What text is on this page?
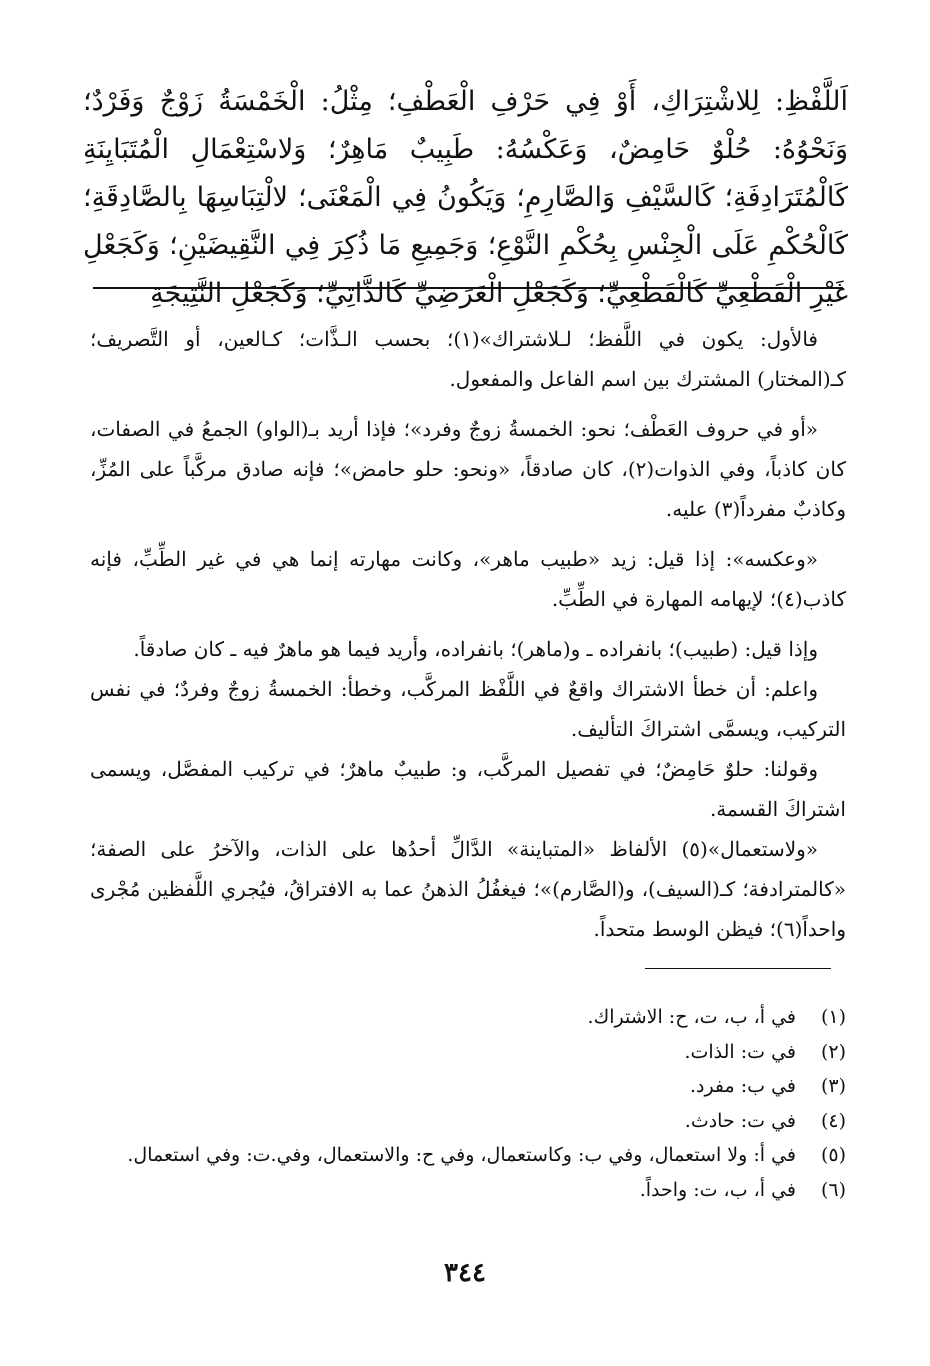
اَللَّفْظِ: لِلاشْتِرَاكِ، أَوْ فِي حَرْفِ الْعَطْفِ؛ مِثْلُ: الْخَمْسَةُ زَوْجٌ وَفَرْدٌ؛ وَنَحْوُهُ: حُلْوٌ حَامِضٌ، وَعَكْسُهُ: طَبِيبٌ مَاهِرٌ؛ وَلاسْتِعْمَالِ الْمُتَبَايِنَةِ كَالْمُتَرَادِفَةِ؛ كَالسَّيْفِ وَالصَّارِمِ؛ وَيَكُونُ فِي الْمَعْنَى؛ لالْتِبَاسِهَا بِالصَّادِقَةِ؛ كَالْحُكْمِ عَلَى الْجِنْسِ بِحُكْمِ النَّوْعِ؛ وَجَمِيعِ مَا ذُكِرَ فِي النَّقِيضَيْنِ؛ وَكَجَعْلِ غَيْرِ الْقَطْعِيِّ كَالْقَطْعِيِّ؛ وَكَجَعْلِ الْعَرَضِيِّ كَالذَّاتِيِّ؛ وَكَجَعْلِ النَّتِيجَةِ

فالأول: يكون في اللَّفظ؛ لـلاشتراك»(١)؛ بحسب الـذَّات؛ كـالعين، أو التَّصريف؛ كـ(المختار) المشترك بين اسم الفاعل والمفعول.

«أو في حروف العَطْف؛ نحو: الخمسةُ زوجٌ وفرد»؛ فإذا أريد بـ(الواو) الجمعُ في الصفات، كان كاذباً، وفي الذوات(٢)، كان صادقاً، «ونحو: حلو حامض»؛ فإنه صادق مركَّباً على المُزِّ، وكاذبٌ مفرداً(٣) عليه.

«وعكسه»: إذا قيل: زيد «طبيب ماهر»، وكانت مهارته إنما هي في غير الطِّبِّ، فإنه كاذب(٤)؛ لإيهامه المهارة في الطِّبِّ.

وإذا قيل: (طبيب)؛ بانفراده ـ و(ماهر)؛ بانفراده، وأريد فيما هو ماهرٌ فيه ـ كان صادقاً.

واعلم: أن خطأ الاشتراك واقعٌ في اللَّفْظ المركَّب، وخطأ: الخمسةُ زوجٌ وفردٌ؛ في نفس التركيب، ويسمَّى اشتراكَ التأليف.

وقولنا: حلوٌ حَامِضٌ؛ في تفصيل المركَّب، و: طبيبٌ ماهرٌ؛ في تركيب المفصَّل، ويسمى اشتراكَ القسمة.

«ولاستعمال»(٥) الألفاظ «المتباينة» الدَّالِّ أحدُها على الذات، والآخرُ على الصفة؛ «كالمترادفة؛ كـ(السيف)، و(الصَّارم)»؛ فيغفُلُ الذهنُ عما به الافتراقُ، فيُجري اللَّفظين مُجْرى واحداً(٦)؛ فيظن الوسط متحداً.

(١)
في أ، ب، ت، ح: الاشتراك.
(٢)
في ت: الذات.
(٣)
في ب: مفرد.
(٤)
في ت: حادث.
(٥)
في أ: ولا استعمال، وفي ب: وكاستعمال، وفي ح: والاستعمال، وفي.ت: وفي استعمال.
(٦)
في أ، ب، ت: واحداً.
٣٤٤
